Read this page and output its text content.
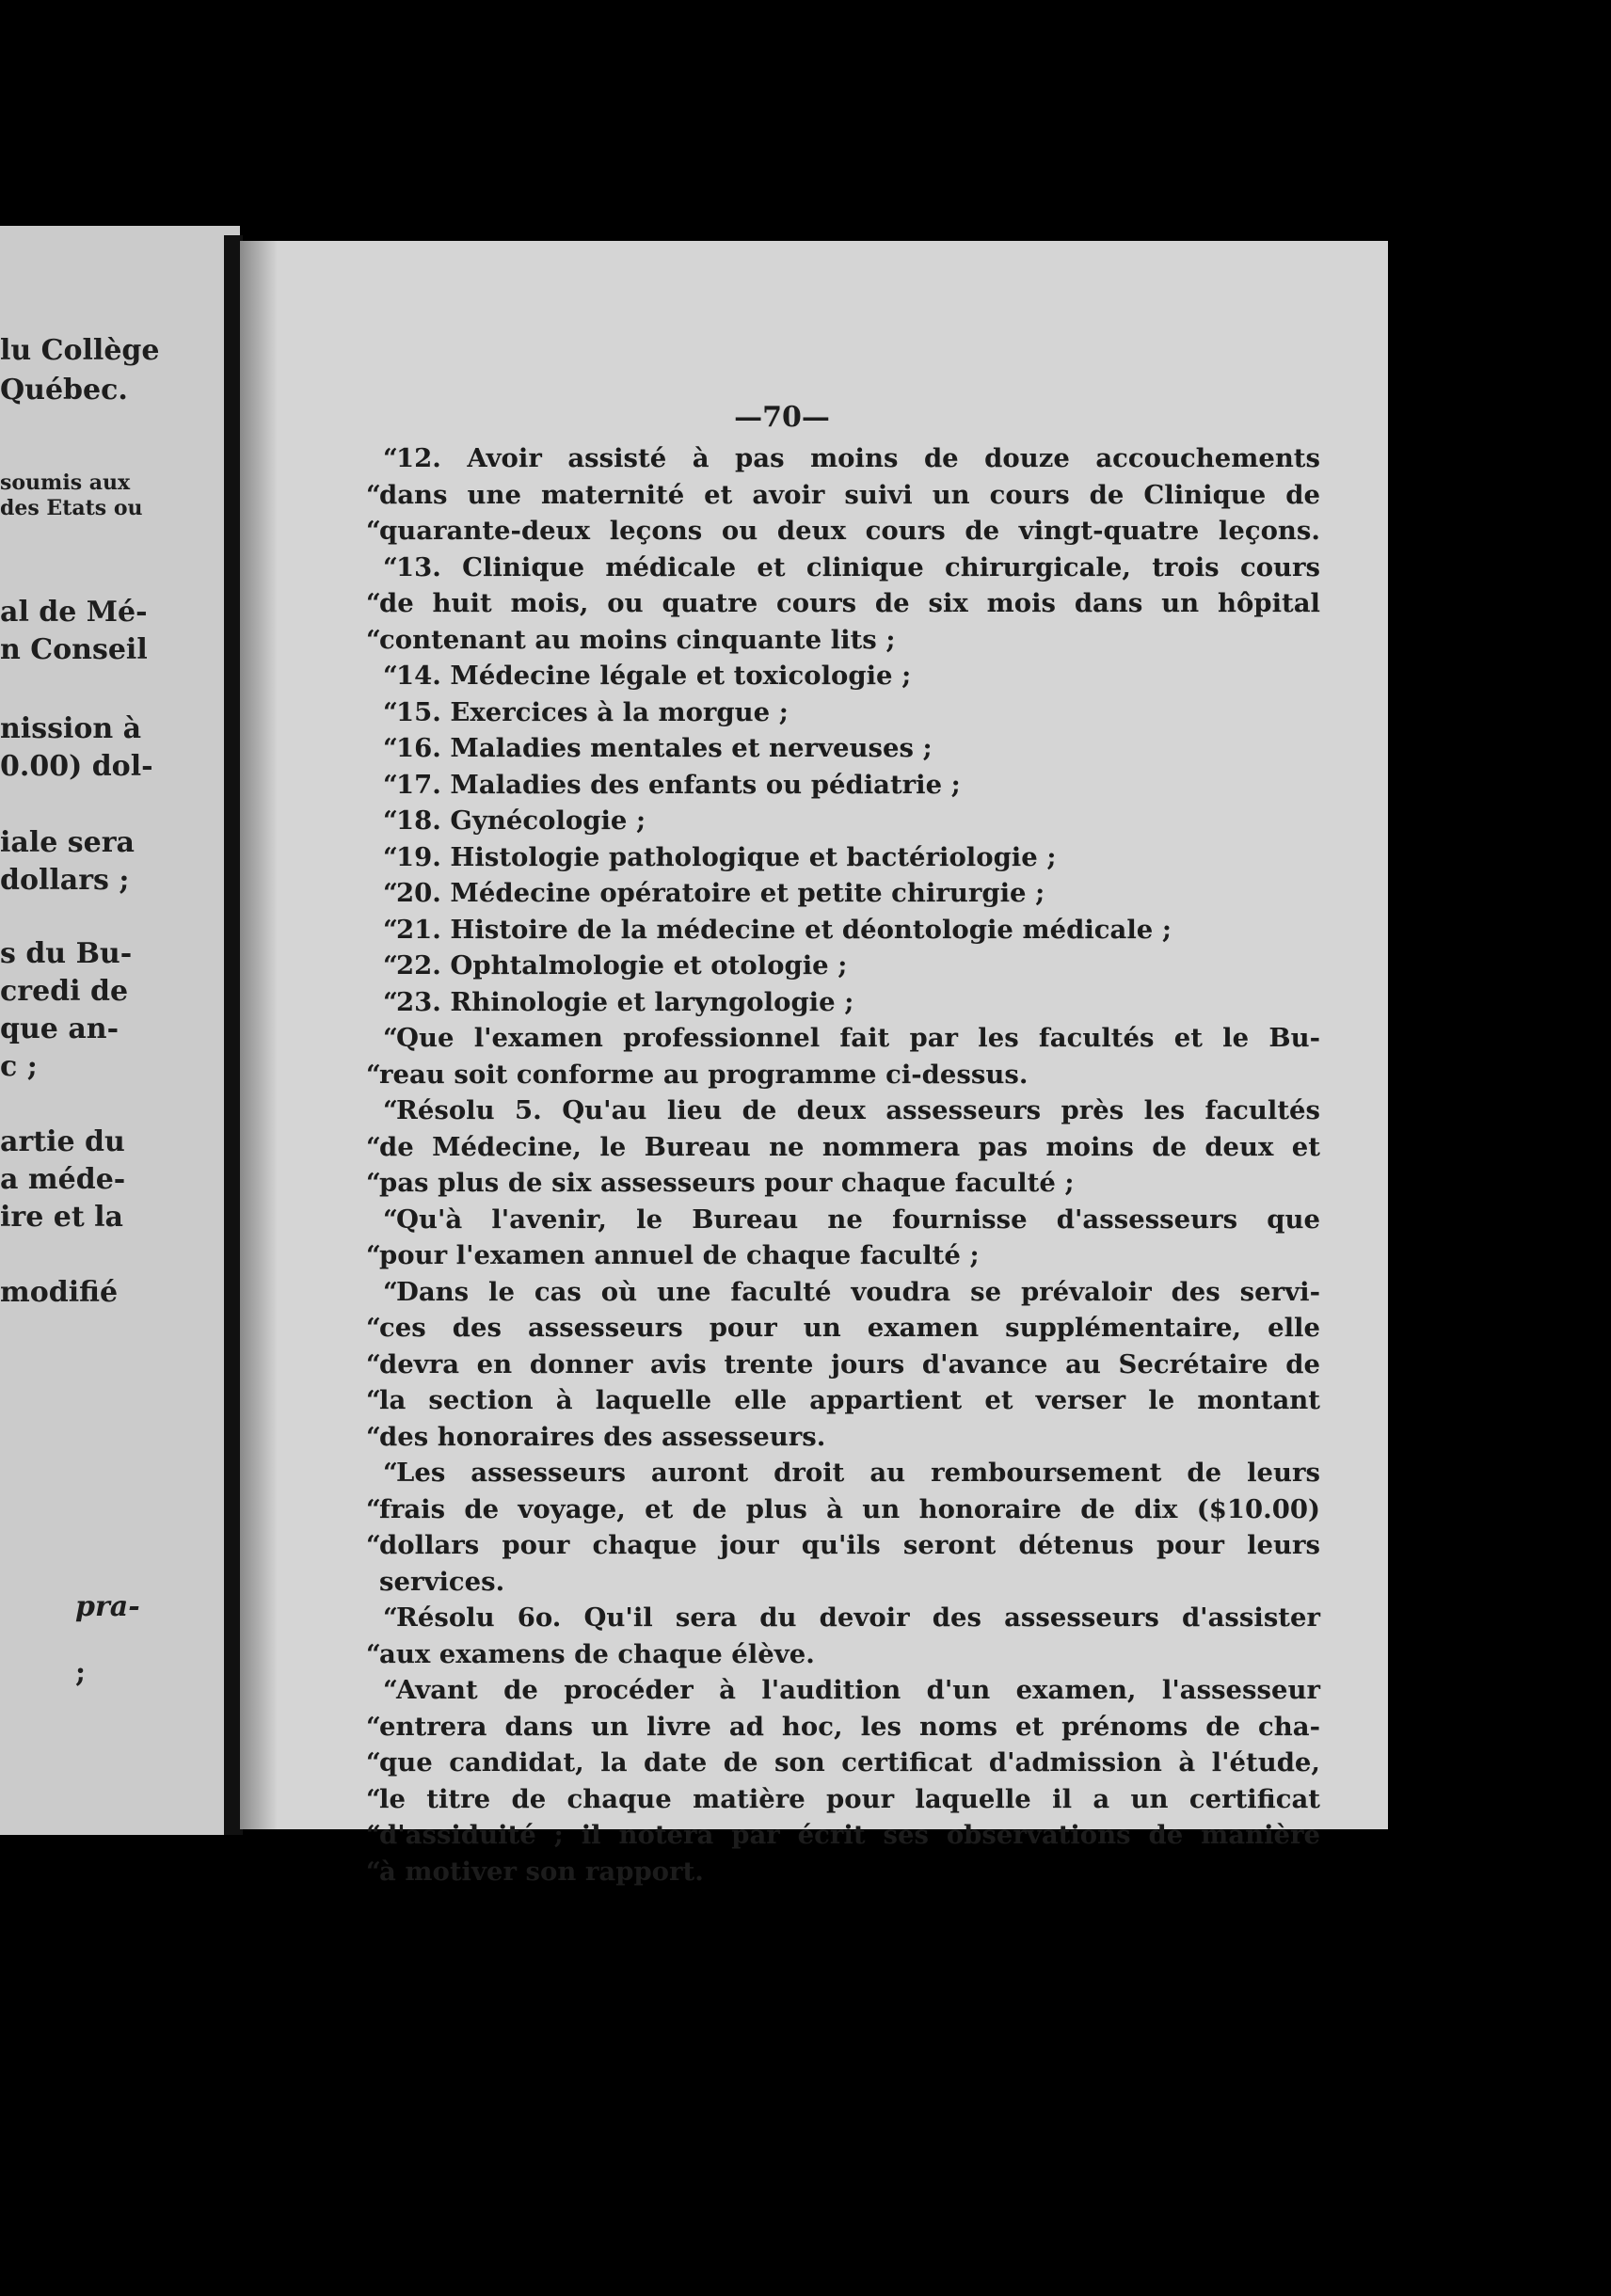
lu Collège
Québec.
soumis aux
des Etats ou
al de Mé-
n Conseil
nission à
0.00) dol-
iale sera
dollars ;
s du Bu-
credi de
que an-
c ;
artie du
a méde-
ire et la
modifié
pra-
;
—70—
“
12. Avoir assisté à pas moins de douze accouchements
“
dans une maternité et avoir suivi un cours de Clinique de
“
quarante-deux leçons ou deux cours de vingt-quatre leçons.
“
13. Clinique médicale et clinique chirurgicale, trois cours
“
de huit mois, ou quatre cours de six mois dans un hôpital
“
contenant au moins cinquante lits ;
“
14. Médecine légale et toxicologie ;
“
15. Exercices à la morgue ;
“
16. Maladies mentales et nerveuses ;
“
17. Maladies des enfants ou pédiatrie ;
“
18. Gynécologie ;
“
19. Histologie pathologique et bactériologie ;
“
20. Médecine opératoire et petite chirurgie ;
“
21. Histoire de la médecine et déontologie médicale ;
“
22. Ophtalmologie et otologie ;
“
23. Rhinologie et laryngologie ;
“
Que l'examen professionnel fait par les facultés et le Bu-
“
reau soit conforme au programme ci-dessus.
“
Résolu 5. Qu'au lieu de deux assesseurs près les facultés
“
de Médecine, le Bureau ne nommera pas moins de deux et
“
pas plus de six assesseurs pour chaque faculté ;
“
Qu'à l'avenir, le Bureau ne fournisse d'assesseurs que
“
pour l'examen annuel de chaque faculté ;
“
Dans le cas où une faculté voudra se prévaloir des servi-
“
ces des assesseurs pour un examen supplémentaire, elle
“
devra en donner avis trente jours d'avance au Secrétaire de
“
la section à laquelle elle appartient et verser le montant
“
des honoraires des assesseurs.
“
Les assesseurs auront droit au remboursement de leurs
“
frais de voyage, et de plus à un honoraire de dix ($10.00)
“
dollars pour chaque jour qu'ils seront détenus pour leurs
services.
“
Résolu 6o. Qu'il sera du devoir des assesseurs d'assister
“
aux examens de chaque élève.
“
Avant de procéder à l'audition d'un examen, l'assesseur
“
entrera dans un livre ad hoc, les noms et prénoms de cha-
“
que candidat, la date de son certificat d'admission à l'étude,
“
le titre de chaque matière pour laquelle il a un certificat
“
d'assiduité ; il notera par écrit ses observations de manière
“
à motiver son rapport.
